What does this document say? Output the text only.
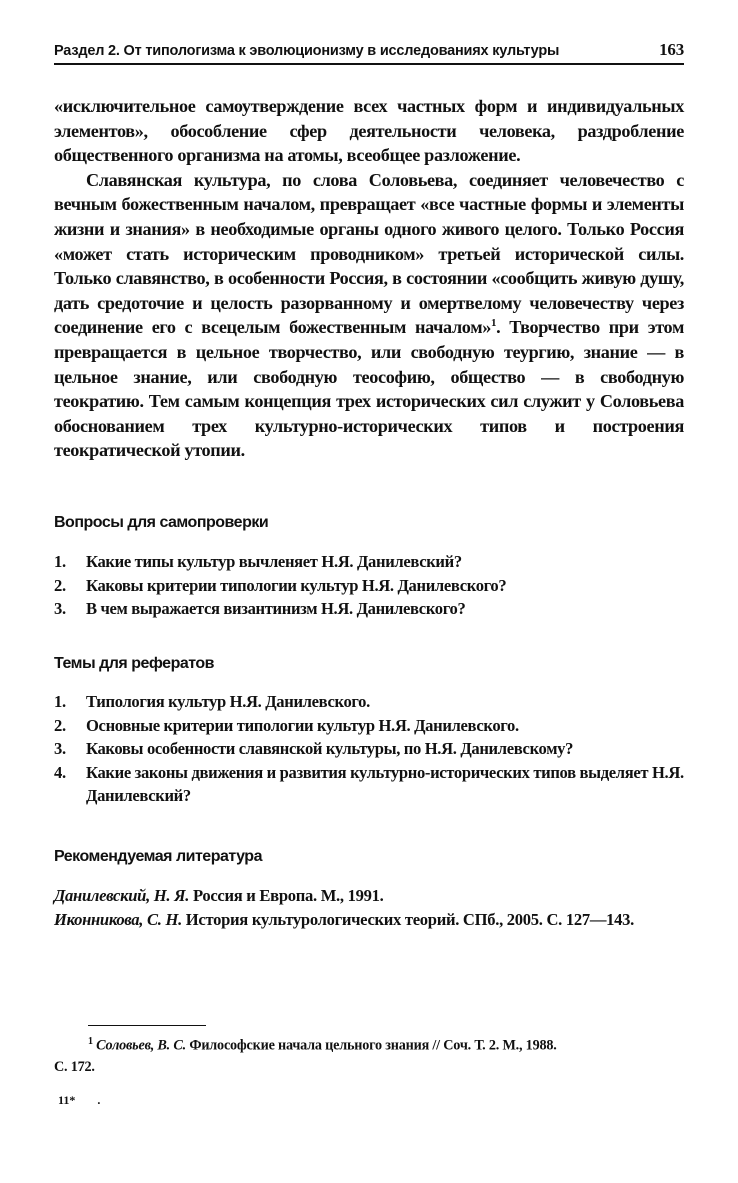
Раздел 2. От типологизма к эволюционизму в исследованиях культуры	163

«исключительное самоутверждение всех частных форм и индивидуальных элементов», обособление сфер деятельности человека, раздробление общественного организма на атомы, всеобщее разложение.

Славянская культура, по слова Соловьева, соединяет человечество с вечным божественным началом, превращает «все частные формы и элементы жизни и знания» в необходимые органы одного живого целого. Только Россия «может стать историческим проводником» третьей исторической силы. Только славянство, в особенности Россия, в состоянии «сообщить живую душу, дать средоточие и целость разорванному и омертвелому человечеству через соединение его с всецелым божественным началом»$^1$. Творчество при этом превращается в цельное творчество, или свободную теургию, знание — в цельное знание, или свободную теософию, общество — в свободную теократию. Тем самым концепция трех исторических сил служит у Соловьева обоснованием трех культурно-исторических типов и построения теократической утопии.

Вопросы для самопроверки
1.	Какие типы культур вычленяет Н.Я. Данилевский?
2.	Каковы критерии типологии культур Н.Я. Данилевского?
3.	В чем выражается византинизм Н.Я. Данилевского?
Темы для рефератов
1.	Типология культур Н.Я. Данилевского.
2.	Основные критерии типологии культур Н.Я. Данилевского.
3.	Каковы особенности славянской культуры, по Н.Я. Данилевскому?
4.	Какие законы движения и развития культурно-исторических типов выделяет Н.Я. Данилевский?
Рекомендуемая литература

Данилевский, Н. Я. Россия и Европа. М., 1991.

Иконникова, С. Н. История культурологических теорий. СПб., 2005. С. 127—143.

$^1$ Соловьев, В. С. Философские начала цельного знания // Соч. Т. 2. М., 1988.
С. 172.
11* .
